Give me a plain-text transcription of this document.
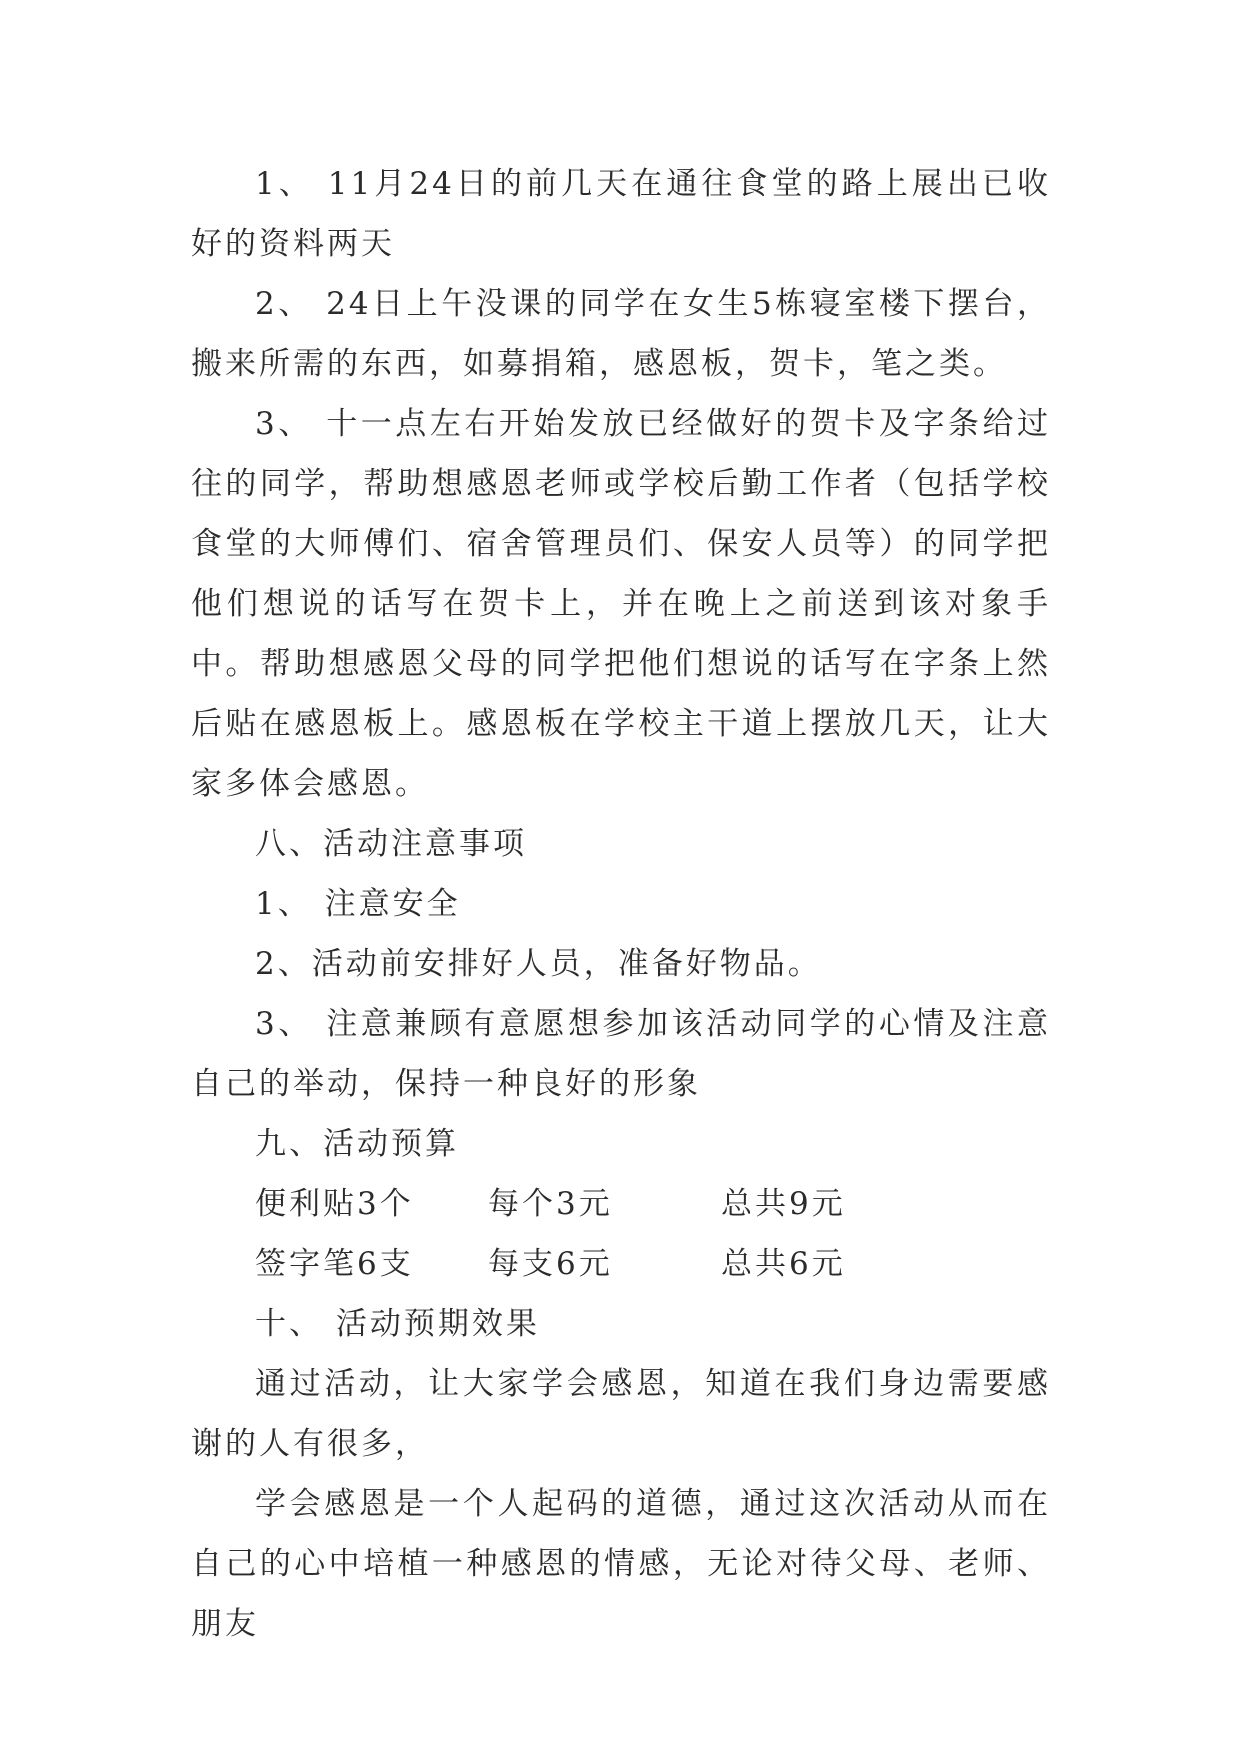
1、 11月24日的前几天在通往食堂的路上展出已收好的资料两天

2、 24日上午没课的同学在女生5栋寝室楼下摆台，搬来所需的东西，如募捐箱，感恩板，贺卡，笔之类。

3、 十一点左右开始发放已经做好的贺卡及字条给过往的同学，帮助想感恩老师或学校后勤工作者（包括学校食堂的大师傅们、宿舍管理员们、保安人员等）的同学把他们想说的话写在贺卡上，并在晚上之前送到该对象手中。帮助想感恩父母的同学把他们想说的话写在字条上然后贴在感恩板上。感恩板在学校主干道上摆放几天，让大家多体会感恩。

八、活动注意事项

1、 注意安全

2、活动前安排好人员，准备好物品。

3、 注意兼顾有意愿想参加该活动同学的心情及注意自己的举动，保持一种良好的形象

九、活动预算

便利贴3个	每个3元	总共9元
签字笔6支	每支6元	总共6元

十、 活动预期效果

通过活动，让大家学会感恩，知道在我们身边需要感谢的人有很多，

学会感恩是一个人起码的道德，通过这次活动从而在自己的心中培植一种感恩的情感，无论对待父母、老师、朋友
